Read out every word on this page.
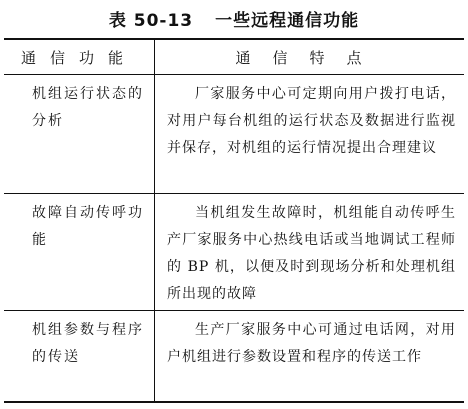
表 50-13 一些远程通信功能
通信功能	通信特点
机组运行状态的分析	厂家服务中心可定期向用户拨打电话，对用户每台机组的运行状态及数据进行监视并保存，对机组的运行情况提出合理建议
故障自动传呼功能	当机组发生故障时，机组能自动传呼生产厂家服务中心热线电话或当地调试工程师的 BP 机，以便及时到现场分析和处理机组所出现的故障
机组参数与程序的传送	生产厂家服务中心可通过电话网，对用户机组进行参数设置和程序的传送工作
